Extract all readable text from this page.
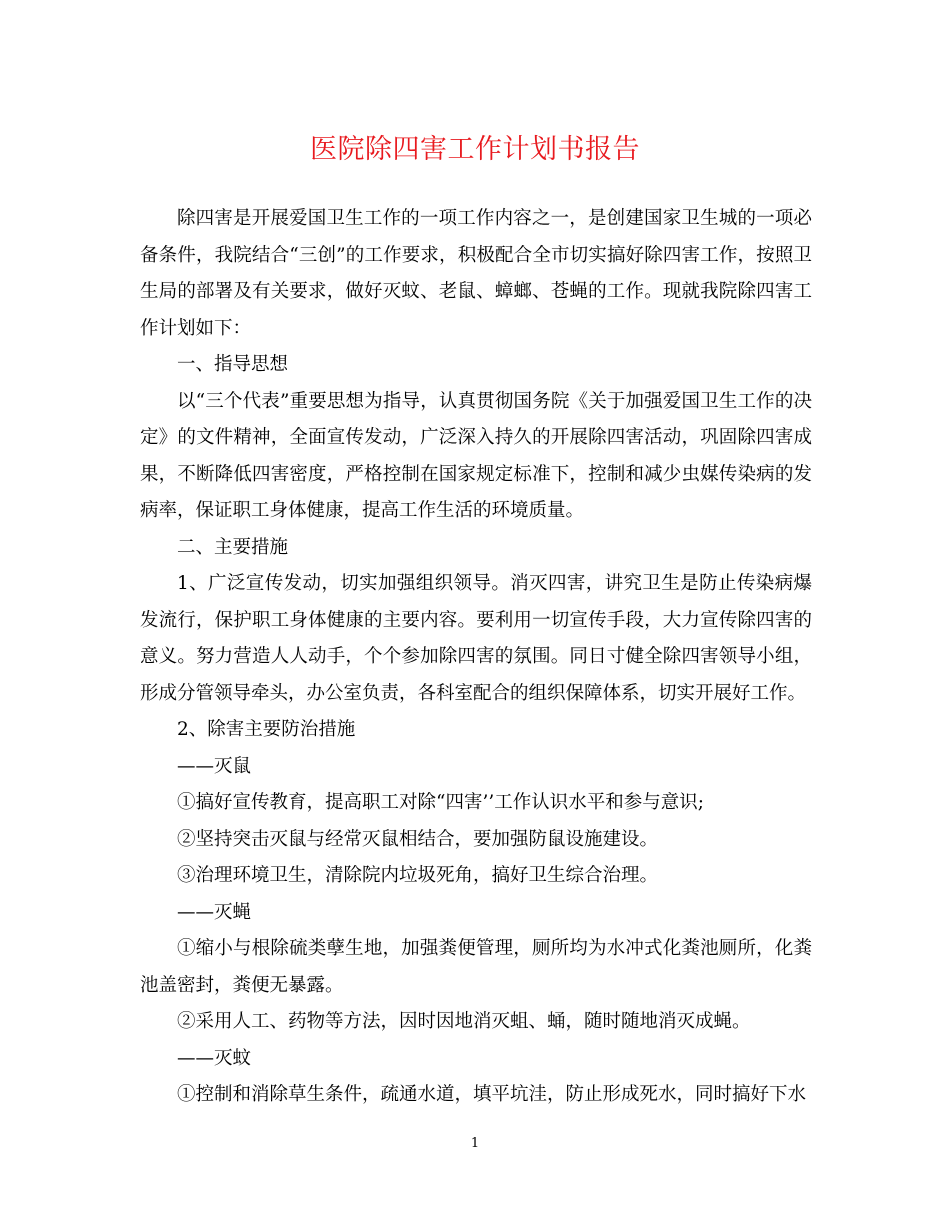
医院除四害工作计划书报告

除四害是开展爱国卫生工作的一项工作内容之一，是创建国家卫生城的一项必备条件，我院结合“三创”的工作要求，积极配合全市切实搞好除四害工作，按照卫生局的部署及有关要求，做好灭蚊、老鼠、蟑螂、苍蝇的工作。现就我院除四害工作计划如下：

一、指导思想

以“三个代表”重要思想为指导，认真贯彻国务院《关于加强爱国卫生工作的决定》的文件精神，全面宣传发动，广泛深入持久的开展除四害活动，巩固除四害成果，不断降低四害密度，严格控制在国家规定标准下，控制和减少虫媒传染病的发病率，保证职工身体健康，提高工作生活的环境质量。

二、主要措施

1、广泛宣传发动，切实加强组织领导。消灭四害，讲究卫生是防止传染病爆发流行，保护职工身体健康的主要内容。要利用一切宣传手段，大力宣传除四害的意义。努力营造人人动手，个个参加除四害的氛围。同日寸健全除四害领导小组，形成分管领导牵头，办公室负责，各科室配合的组织保障体系，切实开展好工作。

2、除害主要防治措施

——灭鼠

①搞好宣传教育，提高职工对除“四害’’工作认识水平和参与意识;

②坚持突击灭鼠与经常灭鼠相结合，要加强防鼠设施建设。

③治理环境卫生，清除院内垃圾死角，搞好卫生综合治理。

——灭蝇

①缩小与根除硫类孽生地，加强粪便管理，厕所均为水冲式化粪池厕所，化粪池盖密封，粪便无暴露。

②采用人工、药物等方法，因时因地消灭蛆、蛹，随时随地消灭成蝇。

——灭蚊

①控制和消除草生条件，疏通水道，填平坑洼，防止形成死水，同时搞好下水

1
